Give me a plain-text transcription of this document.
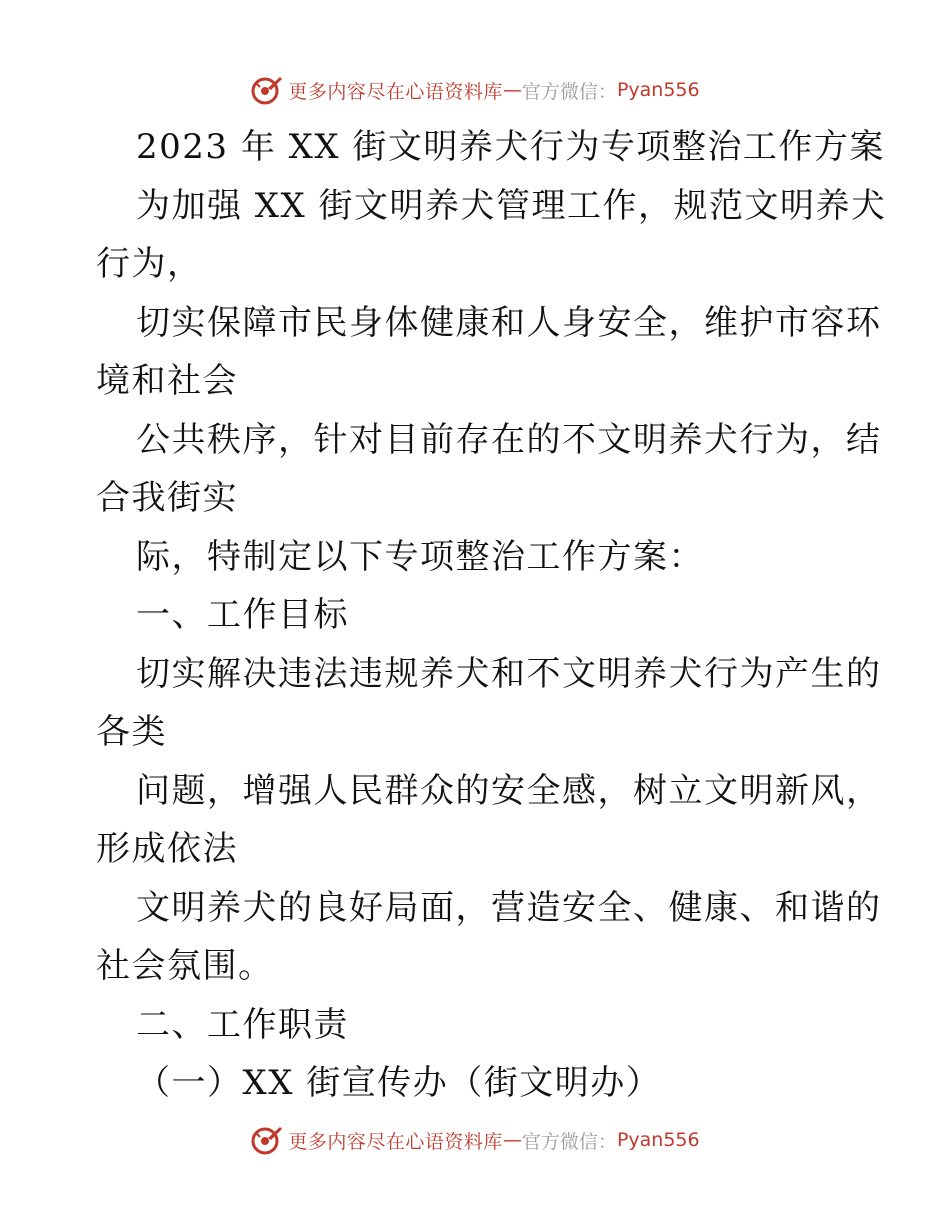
更多内容尽在心语资料库 — 官方微信： Pyan556
2023 年 XX 街文明养犬行为专项整治工作方案
为加强 XX 街文明养犬管理工作，规范文明养犬
行为，
切实保障市民身体健康和人身安全，维护市容环
境和社会
公共秩序，针对目前存在的不文明养犬行为，结
合我街实
际，特制定以下专项整治工作方案：
一、工作目标
切实解决违法违规养犬和不文明养犬行为产生的
各类
问题，增强人民群众的安全感，树立文明新风，
形成依法
文明养犬的良好局面，营造安全、健康、和谐的
社会氛围。
二、工作职责
（一）XX 街宣传办（街文明办）
更多内容尽在心语资料库 — 官方微信： Pyan556
